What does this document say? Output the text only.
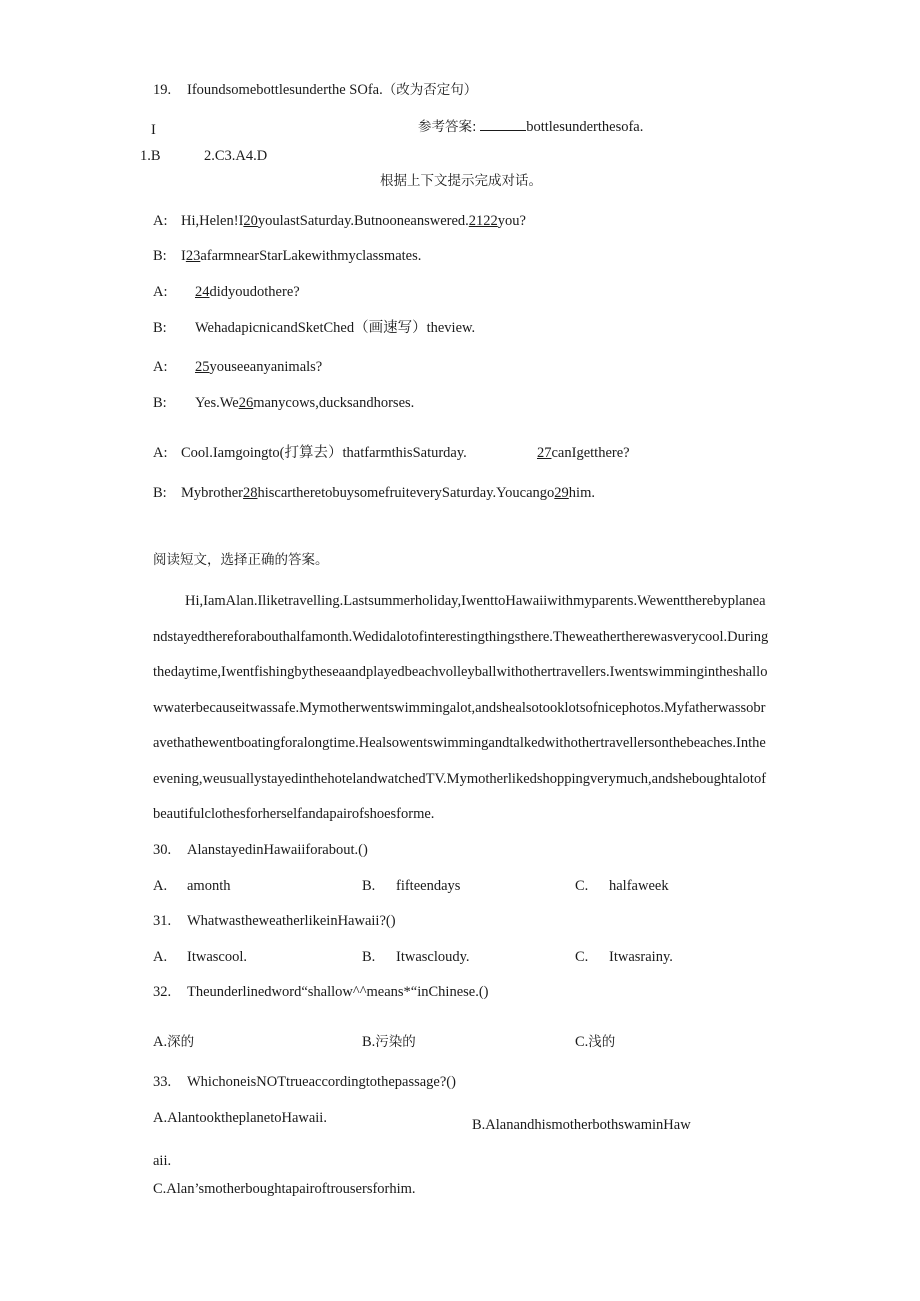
19. Ifoundsomebottlesunderthe SOfa.（改为否定句）
I	参考答案:	bottlesunderthesofa.
1.B	2.C3.A4.D
根据上下文提示完成对话。
A: Hi,Helen!I20youlastSaturday.Butnooneanswered.2122you?
B: I23afarmnearStarLakewithmyclassmates.
A: 24didyoudothere?
B: WehadapicnicandSketChed（画速写）theview.
A: 25youseeanyanimals?
B: Yes.We26manycows,ducksandhorses.
A: Cool.Iamgoingto(打算去）thatfarmthisSaturday.	27canIgetthere?
B: Mybrother28hiscartheretobuysomefruiteverySaturday.Youcango29him.
阅读短文，选择正确的答案。
Hi,IamAlan.Iliketravelling.Lastsummerholiday,IwenttoHawaiiwithmyparents.Wewenttherebyplaneandstayedthereforabouthalfamonth.Wedidalotofinterestingthingsthere.Theweathertherewasverycool.Duringthedaytime,Iwentfishingbytheseaandplayedbeachvolleyballwithothertravellers.Iwentswimmingintheshallowwaterbecauseitwassafe.Mymotherwentswimmingalot,andshealsotooklotsofnicephotos.Myfatherwassobravethathewentboatingforalongtime.Healsowentswimmingandtalkedwithothertravellersonthebeaches.Intheevening,weusuallystayedinthehotelandwatchedTV.Mymotherlikedshoppingverymuch,andsheboughtalotofbeautifulclothesforherselfandapairofshoesforme.
30. AlanstayedinHawaiiforabout.()
A. amonth	B. fifteendays	C. halfaweek
31. WhatwastheweatherlikeinHawaii?()
A. Itwascool.	B. Itwascloudy.	C. Itwasrainy.
32. Theunderlinedword“shallow^^means*“inChinese.()
A.深的	B.污染的	C.浅的
33. WhichoneisNOTtrueaccordingtothepassage?()
A.AlantooktheplanetoHawaii.	B.AlanandhismotherbothswaminHawaii.
C.Alan’smotherboughtapairoftrousersforhim.
